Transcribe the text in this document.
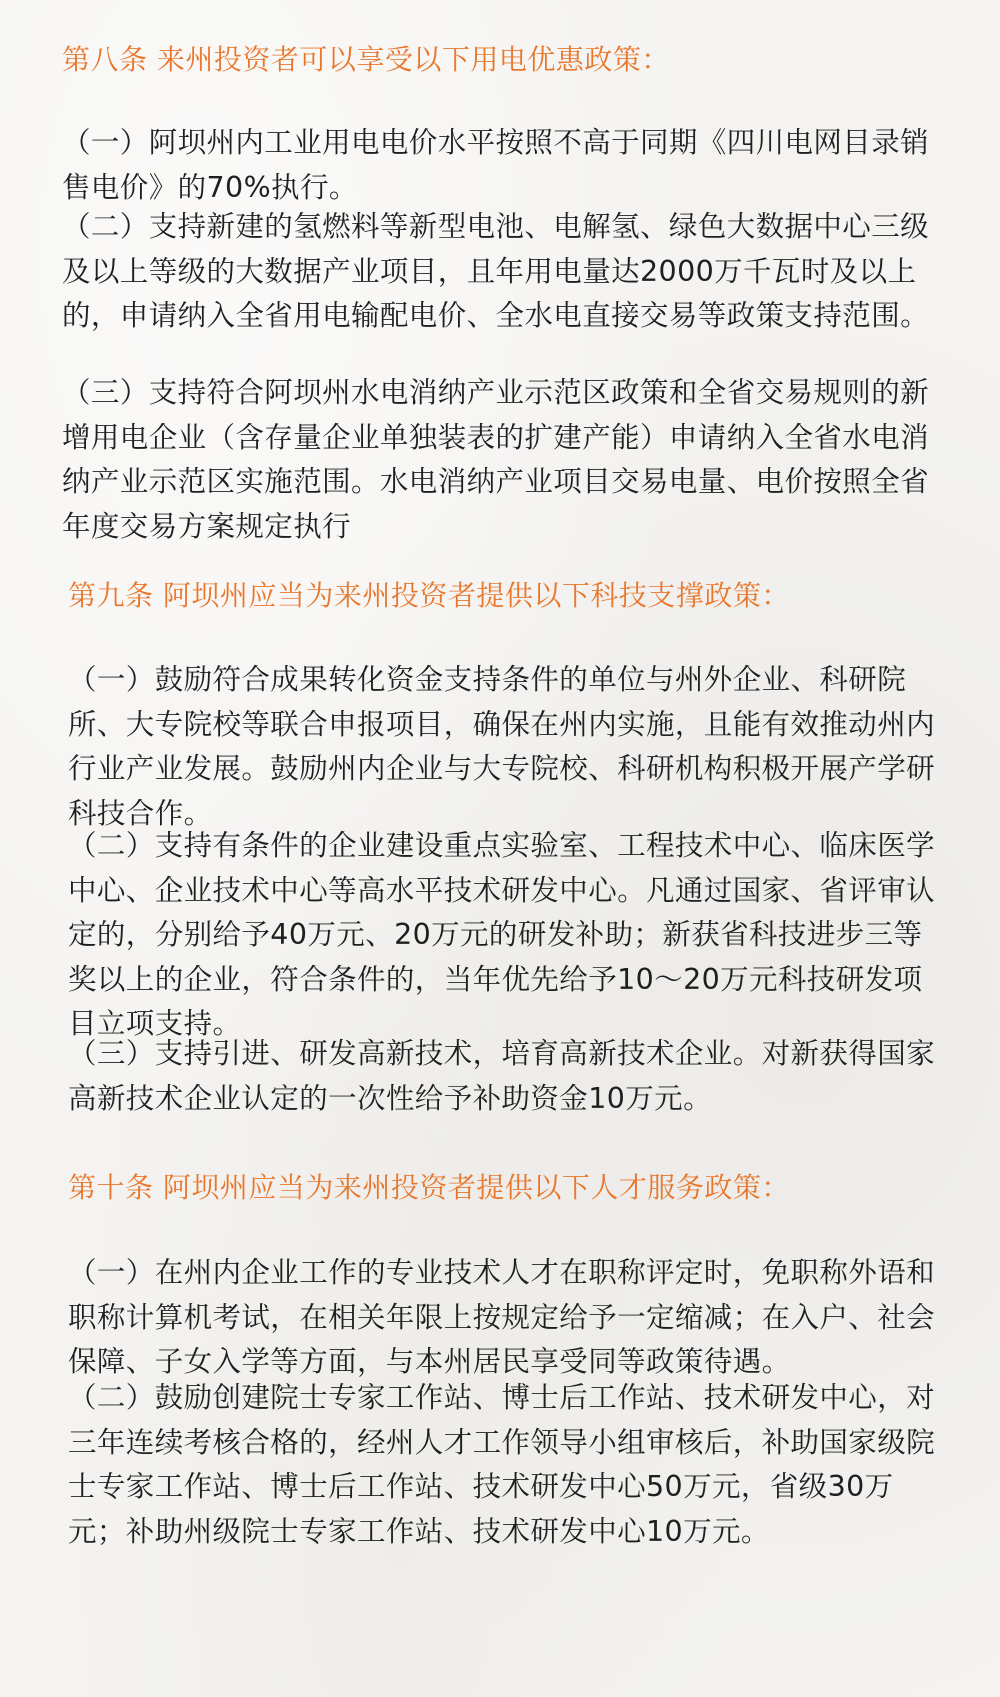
第八条 来州投资者可以享受以下用电优惠政策：

（一）阿坝州内工业用电电价水平按照不高于同期《四川电网目录销售电价》的70%执行。

（二）支持新建的氢燃料等新型电池、电解氢、绿色大数据中心三级及以上等级的大数据产业项目，且年用电量达2000万千瓦时及以上的，申请纳入全省用电输配电价、全水电直接交易等政策支持范围。

（三）支持符合阿坝州水电消纳产业示范区政策和全省交易规则的新增用电企业（含存量企业单独装表的扩建产能）申请纳入全省水电消纳产业示范区实施范围。水电消纳产业项目交易电量、电价按照全省年度交易方案规定执行

第九条 阿坝州应当为来州投资者提供以下科技支撑政策：

（一）鼓励符合成果转化资金支持条件的单位与州外企业、科研院所、大专院校等联合申报项目，确保在州内实施，且能有效推动州内行业产业发展。鼓励州内企业与大专院校、科研机构积极开展产学研科技合作。

（二）支持有条件的企业建设重点实验室、工程技术中心、临床医学中心、企业技术中心等高水平技术研发中心。凡通过国家、省评审认定的，分别给予40万元、20万元的研发补助；新获省科技进步三等奖以上的企业，符合条件的，当年优先给予10～20万元科技研发项目立项支持。

（三）支持引进、研发高新技术，培育高新技术企业。对新获得国家高新技术企业认定的一次性给予补助资金10万元。

第十条 阿坝州应当为来州投资者提供以下人才服务政策：

（一）在州内企业工作的专业技术人才在职称评定时，免职称外语和职称计算机考试，在相关年限上按规定给予一定缩减；在入户、社会保障、子女入学等方面，与本州居民享受同等政策待遇。

（二）鼓励创建院士专家工作站、博士后工作站、技术研发中心，对三年连续考核合格的，经州人才工作领导小组审核后，补助国家级院士专家工作站、博士后工作站、技术研发中心50万元，省级30万元；补助州级院士专家工作站、技术研发中心10万元。
